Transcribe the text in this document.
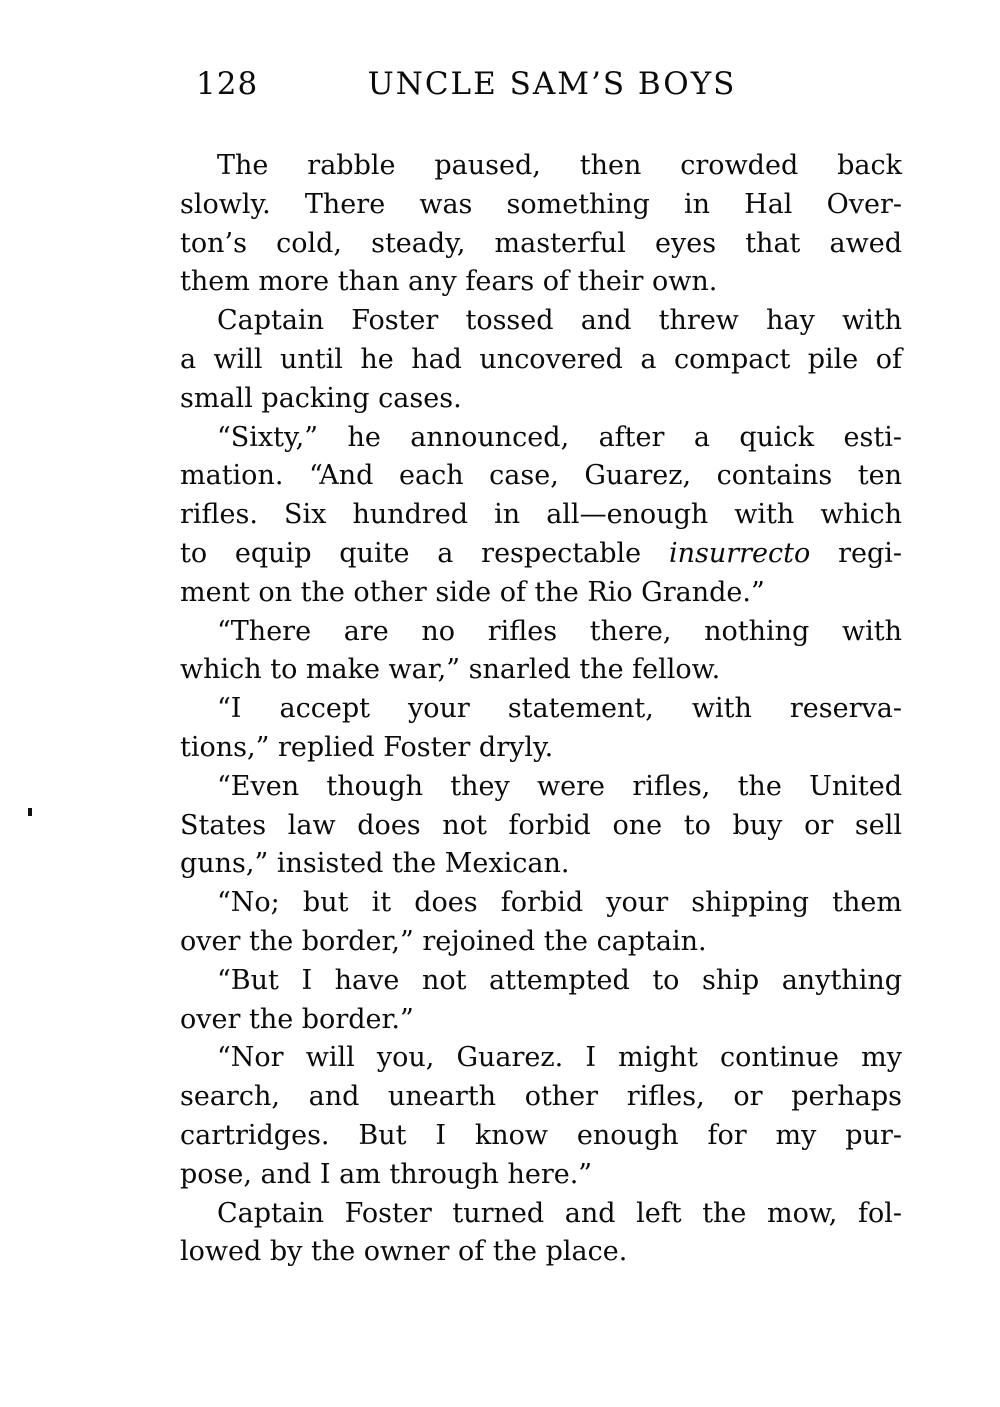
128	UNCLE SAM’S BOYS
The rabble paused, then crowded back
slowly. There was something in Hal Over-
ton’s cold, steady, masterful eyes that awed
them more than any fears of their own.
Captain Foster tossed and threw hay with
a will until he had uncovered a compact pile of
small packing cases.
“Sixty,” he announced, after a quick esti-
mation. “And each case, Guarez, contains ten
rifles. Six hundred in all—enough with which
to equip quite a respectable insurrecto regi-
ment on the other side of the Rio Grande.”
“There are no rifles there, nothing with
which to make war,” snarled the fellow.
“I accept your statement, with reserva-
tions,” replied Foster dryly.
“Even though they were rifles, the United
States law does not forbid one to buy or sell
guns,” insisted the Mexican.
“No; but it does forbid your shipping them
over the border,” rejoined the captain.
“But I have not attempted to ship anything
over the border.”
“Nor will you, Guarez. I might continue my
search, and unearth other rifles, or perhaps
cartridges. But I know enough for my pur-
pose, and I am through here.”
Captain Foster turned and left the mow, fol-
lowed by the owner of the place.
